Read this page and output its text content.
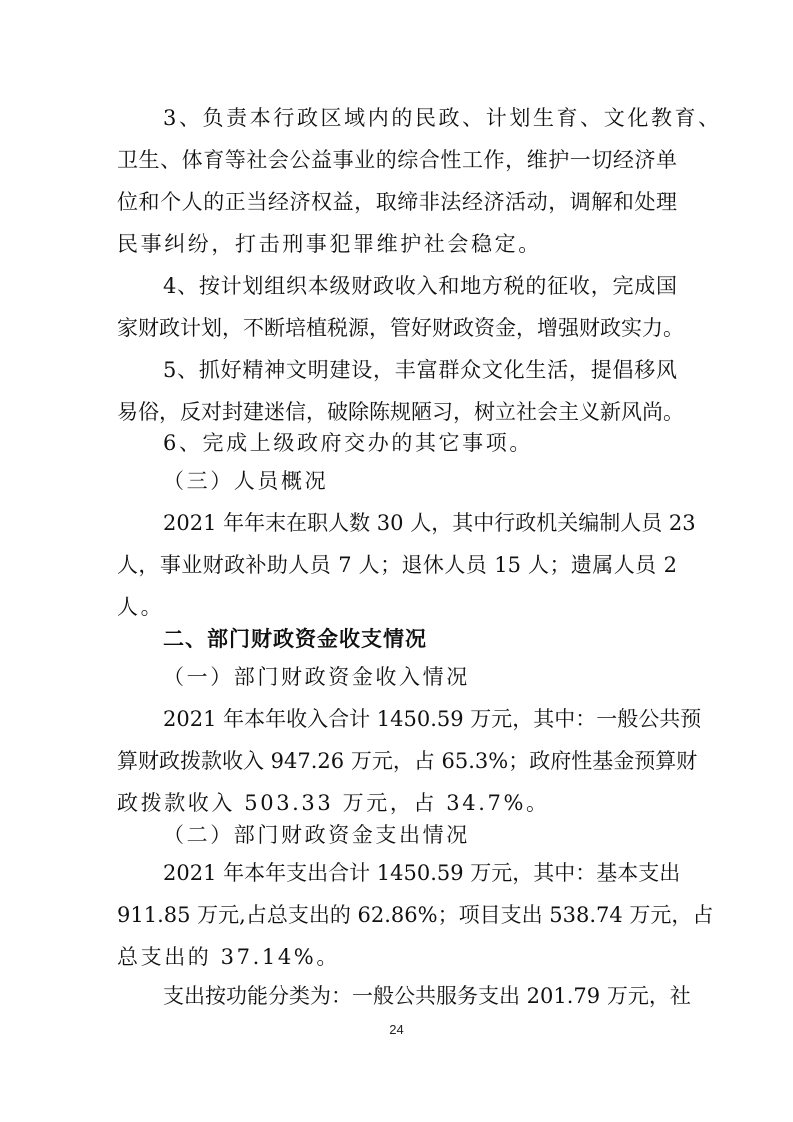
3、负责本行政区域内的民政、计划生育、文化教育、
卫生、体育等社会公益事业的综合性工作，维护一切经济单
位和个人的正当经济权益，取缔非法经济活动，调解和处理
民事纠纷，打击刑事犯罪维护社会稳定。
4、按计划组织本级财政收入和地方税的征收，完成国
家财政计划，不断培植税源，管好财政资金，增强财政实力。
5、抓好精神文明建设，丰富群众文化生活，提倡移风
易俗，反对封建迷信，破除陈规陋习，树立社会主义新风尚。
6、完成上级政府交办的其它事项。
（三）人员概况
2021 年年末在职人数 30 人，其中行政机关编制人员 23
人，事业财政补助人员 7 人；退休人员 15 人；遗属人员 2
人。
二、部门财政资金收支情况
（一）部门财政资金收入情况
2021 年本年收入合计 1450.59 万元，其中：一般公共预
算财政拨款收入 947.26 万元，占 65.3%；政府性基金预算财
政拨款收入 503.33 万元，占 34.7%。
（二）部门财政资金支出情况
2021 年本年支出合计 1450.59 万元，其中：基本支出
911.85 万元,占总支出的 62.86%；项目支出 538.74 万元，占
总支出的 37.14%。
支出按功能分类为：一般公共服务支出 201.79 万元，社
24
